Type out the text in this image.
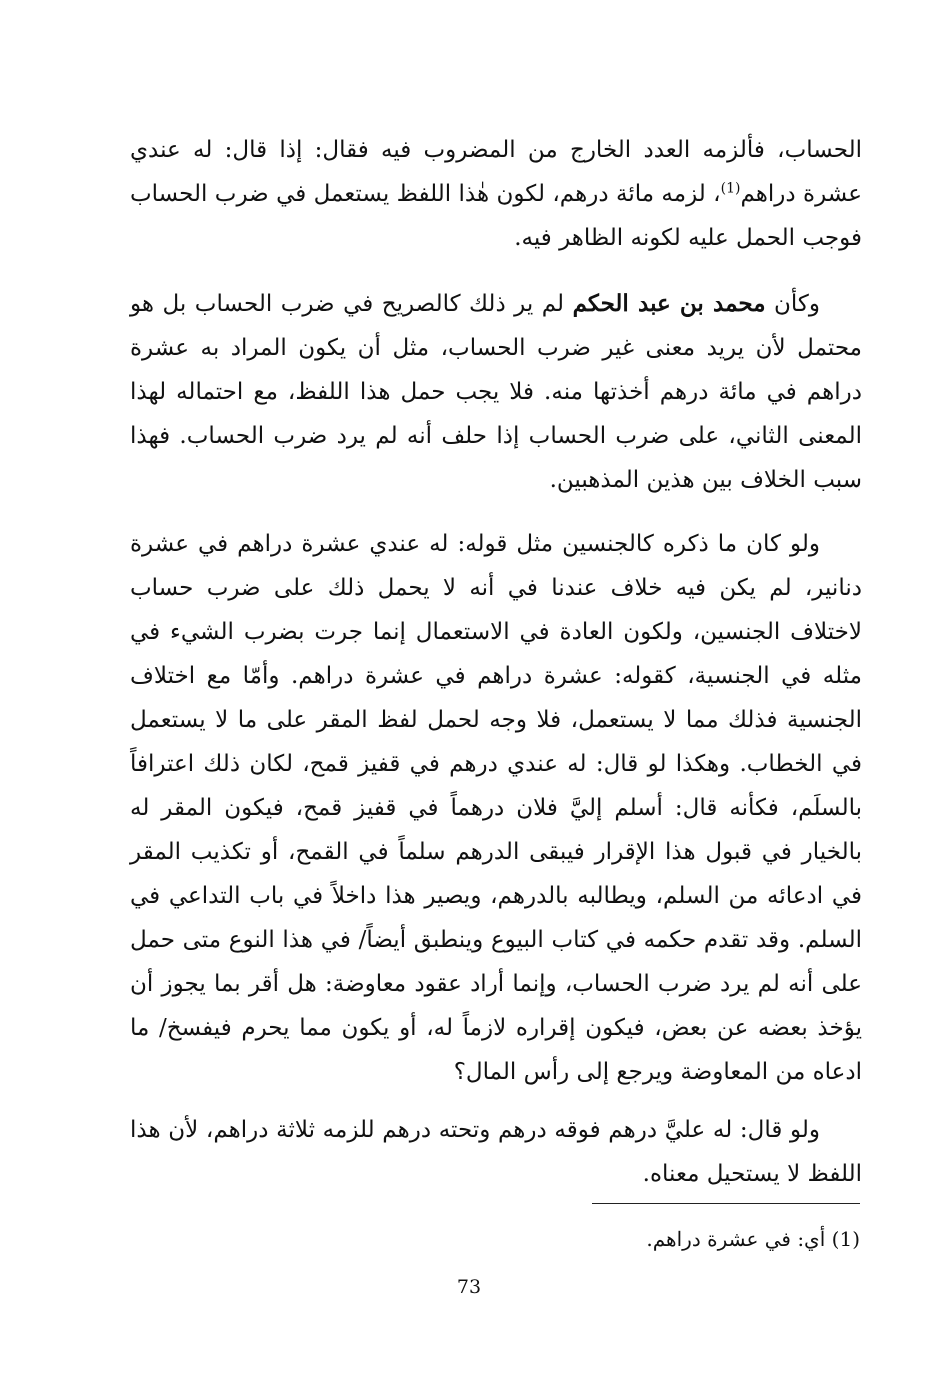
الحساب، فألزمه العدد الخارج من المضروب فيه فقال: إذا قال: له عندي عشرة دراهم$^{(1)}$، لزمه مائة درهم، لكون هٰذا اللفظ يستعمل في ضرب الحساب فوجب الحمل عليه لكونه الظاهر فيه.

وكأن محمد بن عبد الحكم لم ير ذلك كالصريح في ضرب الحساب بل هو محتمل لأن يريد معنى غير ضرب الحساب، مثل أن يكون المراد به عشرة دراهم في مائة درهم أخذتها منه. فلا يجب حمل هذا اللفظ، مع احتماله لهذا المعنى الثاني، على ضرب الحساب إذا حلف أنه لم يرد ضرب الحساب. فهذا سبب الخلاف بين هذين المذهبين.

ولو كان ما ذكره كالجنسين مثل قوله: له عندي عشرة دراهم في عشرة دنانير، لم يكن فيه خلاف عندنا في أنه لا يحمل ذلك على ضرب حساب لاختلاف الجنسين، ولكون العادة في الاستعمال إنما جرت بضرب الشيء في مثله في الجنسية، كقوله: عشرة دراهم في عشرة دراهم. وأمّا مع اختلاف الجنسية فذلك مما لا يستعمل، فلا وجه لحمل لفظ المقر على ما لا يستعمل في الخطاب. وهكذا لو قال: له عندي درهم في قفيز قمح، لكان ذلك اعترافاً بالسلَم، فكأنه قال: أسلم إليَّ فلان درهماً في قفيز قمح، فيكون المقر له بالخيار في قبول هذا الإقرار فيبقى الدرهم سلماً في القمح، أو تكذيب المقر في ادعائه من السلم، ويطالبه بالدرهم، ويصير هذا داخلاً في باب التداعي في السلم. وقد تقدم حكمه في كتاب البيوع وينطبق أيضاً/ في هذا النوع متى حمل على أنه لم يرد ضرب الحساب، وإنما أراد عقود معاوضة: هل أقر بما يجوز أن يؤخذ بعضه عن بعض، فيكون إقراره لازماً له، أو يكون مما يحرم فيفسخ/ ما ادعاه من المعاوضة ويرجع إلى رأس المال؟

ولو قال: له عليَّ درهم فوقه درهم وتحته درهم للزمه ثلاثة دراهم، لأن هذا اللفظ لا يستحيل معناه.

(1) أي: في عشرة دراهم.
73
